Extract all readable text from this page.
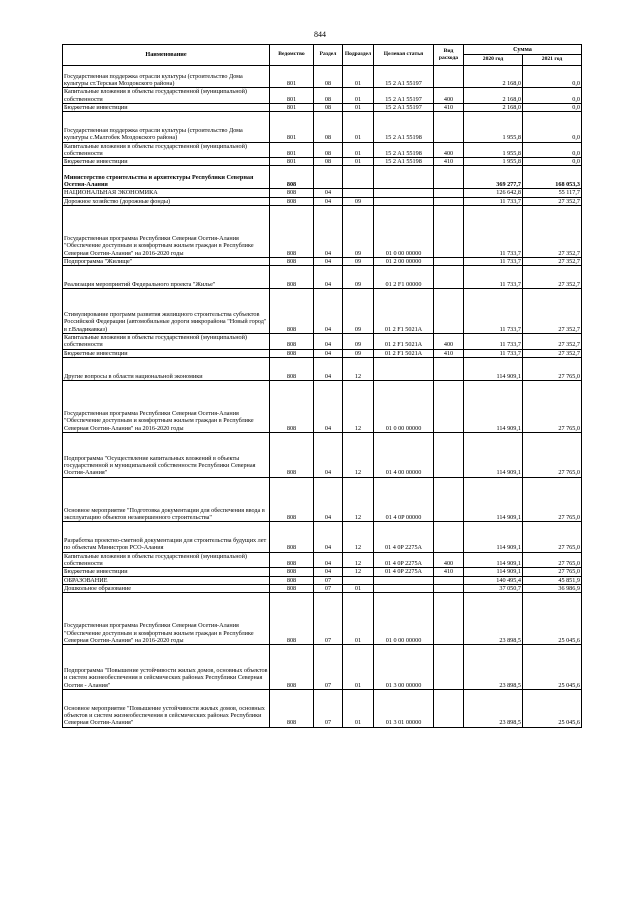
844
Наименование	Ведомство	Раздел	Подраздел	Целевая статья	Вид расхода	Сумма	
						2020 год	2021 год
Государственная поддержка отрасли культуры (строительство Дома культуры ст.Терская Моздокского района)	801	08	01	15 2 A1 55197		2 168,0	0,0
Капитальные вложения в объекты государственной (муниципальной) собственности	801	08	01	15 2 A1 55197	400	2 168,0	0,0
Бюджетные инвестиции	801	08	01	15 2 A1 55197	410	2 168,0	0,0
Государственная поддержка отрасли культуры (строительство Дома культуры с.Малгобек Моздокского района)	801	08	01	15 2 A1 55198		1 955,8	0,0
Капитальные вложения в объекты государственной (муниципальной) собственности	801	08	01	15 2 A1 55198	400	1 955,8	0,0
Бюджетные инвестиции	801	08	01	15 2 A1 55198	410	1 955,8	0,0
Министерство строительства и архитектуры Республики Северная Осетия-Алания	808					369 277,7	168 053,3
НАЦИОНАЛЬНАЯ ЭКОНОМИКА	808	04				126 642,8	55 117,7
Дорожное хозяйство (дорожные фонды)	808	04	09			11 733,7	27 352,7
Государственная программа Республики Северная Осетия-Алания "Обеспечение доступным и комфортным жильем граждан в Республике Северная Осетия-Алания" на 2016-2020 годы	808	04	09	01 0 00 00000		11 733,7	27 352,7
Подпрограмма "Жилище"	808	04	09	01 2 00 00000		11 733,7	27 352,7
Реализация мероприятий Федерального проекта "Жилье"	808	04	09	01 2 F1 00000		11 733,7	27 352,7
Стимулирование программ развития жилищного строительства субъектов Российской Федерации (автомобильные дороги микрорайона "Новый город" в г.Владикавказ)	808	04	09	01 2 F1 5021A		11 733,7	27 352,7
Капитальные вложения в объекты государственной (муниципальной) собственности	808	04	09	01 2 F1 5021A	400	11 733,7	27 352,7
Бюджетные инвестиции	808	04	09	01 2 F1 5021A	410	11 733,7	27 352,7
Другие вопросы в области национальной экономики	808	04	12			114 909,1	27 765,0
Государственная программа Республики Северная Осетия-Алания "Обеспечение доступным и комфортным жильем граждан в Республике Северная Осетия-Алания" на 2016-2020 годы	808	04	12	01 0 00 00000		114 909,1	27 765,0
Подпрограмма "Осуществление капитальных вложений в объекты государственной и муниципальной собственности Республики Северная Осетия-Алания"	808	04	12	01 4 00 00000		114 909,1	27 765,0
Основное мероприятие "Подготовка документации для обеспечения ввода в эксплуатацию объектов незавершенного строительства"	808	04	12	01 4 0P 00000		114 909,1	27 765,0
Разработка проектно-сметной документации для строительства будущих лет по объектам Министров РСО-Алания	808	04	12	01 4 0P 2275A		114 909,1	27 765,0
Капитальные вложения в объекты государственной (муниципальной) собственности	808	04	12	01 4 0P 2275A	400	114 909,1	27 765,0
Бюджетные инвестиции	808	04	12	01 4 0P 2275A	410	114 909,1	27 765,0
ОБРАЗОВАНИЕ	808	07				140 495,4	45 851,9
Дошкольное образование	808	07	01			37 050,7	36 986,9
Государственная программа Республики Северная Осетия-Алания "Обеспечение доступным и комфортным жильем граждан в Республике Северная Осетия-Алания" на 2016-2020 годы	808	07	01	01 0 00 00000		23 898,5	25 045,6
Подпрограмма "Повышение устойчивости жилых домов, основных объектов и систем жизнеобеспечения в сейсмических районах Республики Северная Осетия - Алания"	808	07	01	01 3 00 00000		23 898,5	25 045,6
Основное мероприятие "Повышение устойчивости жилых домов, основных объектов и систем жизнеобеспечения в сейсмических районах Республики Северная Осетия-Алания"	808	07	01	01 3 01 00000		23 898,5	25 045,6
